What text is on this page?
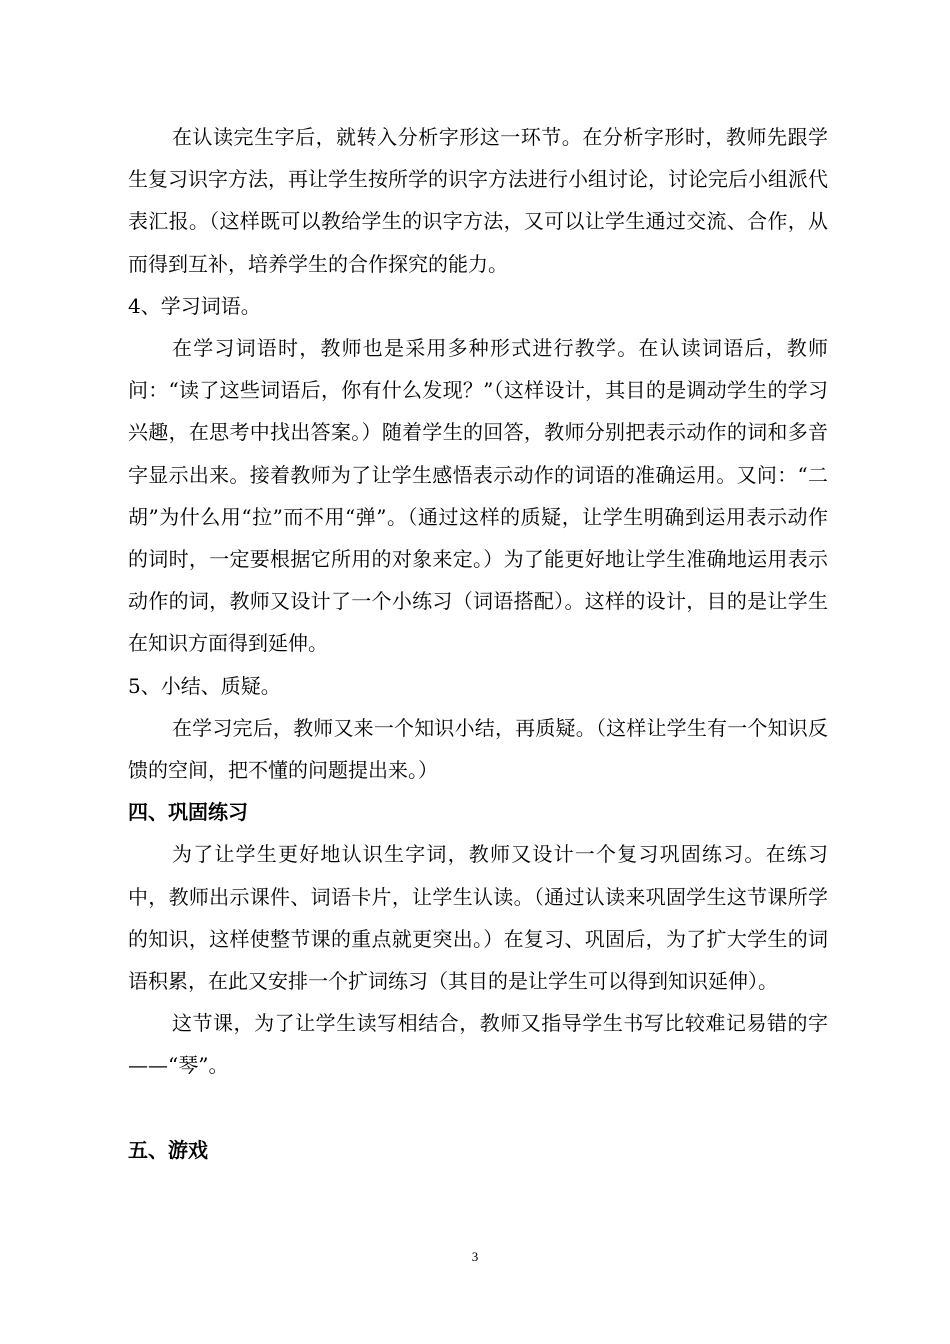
在认读完生字后，就转入分析字形这一环节。在分析字形时，教师先跟学生复习识字方法，再让学生按所学的识字方法进行小组讨论，讨论完后小组派代表汇报。（这样既可以教给学生的识字方法，又可以让学生通过交流、合作，从而得到互补，培养学生的合作探究的能力。

4、学习词语。

在学习词语时，教师也是采用多种形式进行教学。在认读词语后，教师问：“读了这些词语后，你有什么发现？”（这样设计，其目的是调动学生的学习兴趣，在思考中找出答案。）随着学生的回答，教师分别把表示动作的词和多音字显示出来。接着教师为了让学生感悟表示动作的词语的准确运用。又问：“二胡”为什么用“拉”而不用“弹”。（通过这样的质疑，让学生明确到运用表示动作的词时，一定要根据它所用的对象来定。）为了能更好地让学生准确地运用表示动作的词，教师又设计了一个小练习（词语搭配）。这样的设计，目的是让学生在知识方面得到延伸。

5、小结、质疑。

在学习完后，教师又来一个知识小结，再质疑。（这样让学生有一个知识反馈的空间，把不懂的问题提出来。）

四、巩固练习

为了让学生更好地认识生字词，教师又设计一个复习巩固练习。在练习中，教师出示课件、词语卡片，让学生认读。（通过认读来巩固学生这节课所学的知识，这样使整节课的重点就更突出。）在复习、巩固后，为了扩大学生的词语积累，在此又安排一个扩词练习（其目的是让学生可以得到知识延伸）。

这节课，为了让学生读写相结合，教师又指导学生书写比较难记易错的字——“琴”。

五、游戏

3
